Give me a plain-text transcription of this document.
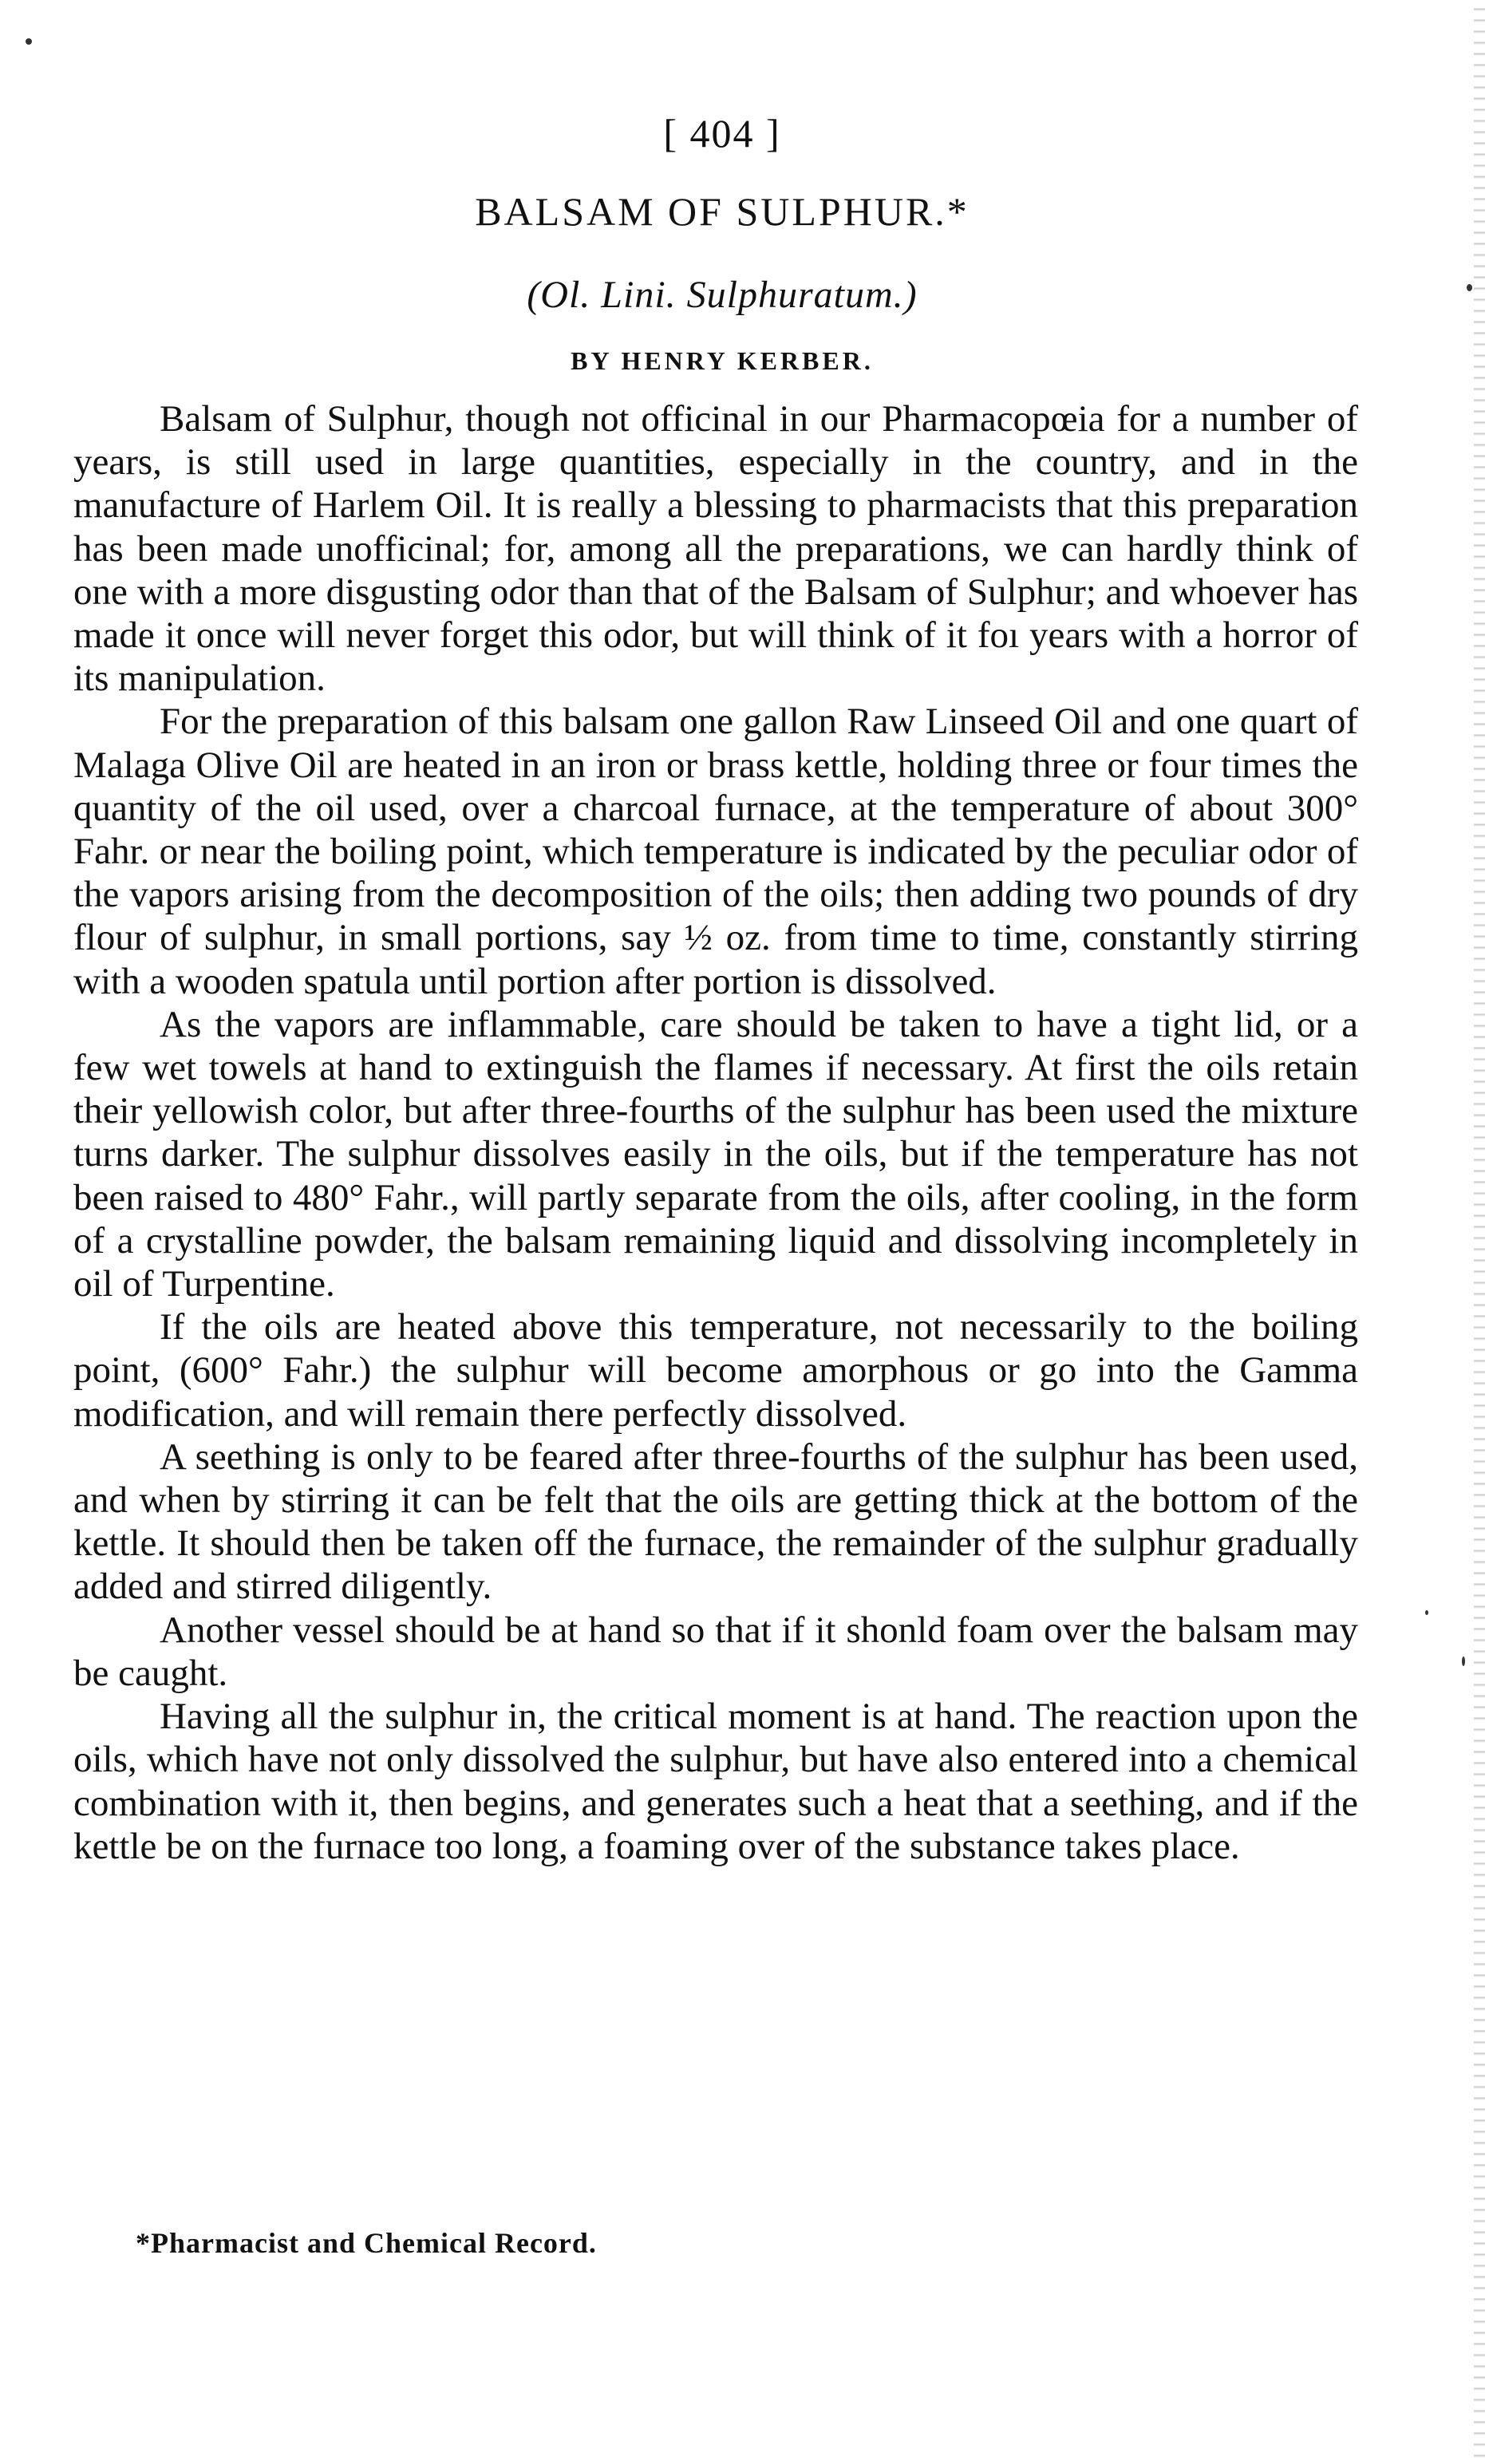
[ 404 ]
BALSAM OF SULPHUR.*
(Ol. Lini. Sulphuratum.)
BY HENRY KERBER.

Balsam of Sulphur, though not officinal in our Pharmacopœia for a number of years, is still used in large quantities, especially in the country, and in the manufacture of Harlem Oil. It is really a blessing to pharmacists that this preparation has been made unofficinal; for, among all the preparations, we can hardly think of one with a more disgusting odor than that of the Balsam of Sulphur; and whoever has made it once will never forget this odor, but will think of it foı years with a horror of its manipulation.

For the preparation of this balsam one gallon Raw Linseed Oil and one quart of Malaga Olive Oil are heated in an iron or brass kettle, holding three or four times the quantity of the oil used, over a charcoal furnace, at the temperature of about 300° Fahr. or near the boiling point, which temperature is indicated by the peculiar odor of the vapors arising from the decomposition of the oils; then adding two pounds of dry flour of sulphur, in small portions, say ½ oz. from time to time, constantly stirring with a wooden spatula until portion after portion is dissolved.

As the vapors are inflammable, care should be taken to have a tight lid, or a few wet towels at hand to extinguish the flames if necessary. At first the oils retain their yellowish color, but after three-fourths of the sulphur has been used the mixture turns darker. The sulphur dissolves easily in the oils, but if the temperature has not been raised to 480° Fahr., will partly separate from the oils, after cooling, in the form of a crystalline powder, the balsam remaining liquid and dissolving incompletely in oil of Turpentine.

If the oils are heated above this temperature, not necessarily to the boiling point, (600° Fahr.) the sulphur will become amorphous or go into the Gamma modification, and will remain there perfectly dissolved.

A seething is only to be feared after three-fourths of the sulphur has been used, and when by stirring it can be felt that the oils are getting thick at the bottom of the kettle. It should then be taken off the furnace, the remainder of the sulphur gradually added and stirred diligently.

Another vessel should be at hand so that if it shonld foam over the balsam may be caught.

Having all the sulphur in, the critical moment is at hand. The reaction upon the oils, which have not only dissolved the sulphur, but have also entered into a chemical combination with it, then begins, and generates such a heat that a seething, and if the kettle be on the furnace too long, a foaming over of the substance takes place.

*Pharmacist and Chemical Record.
